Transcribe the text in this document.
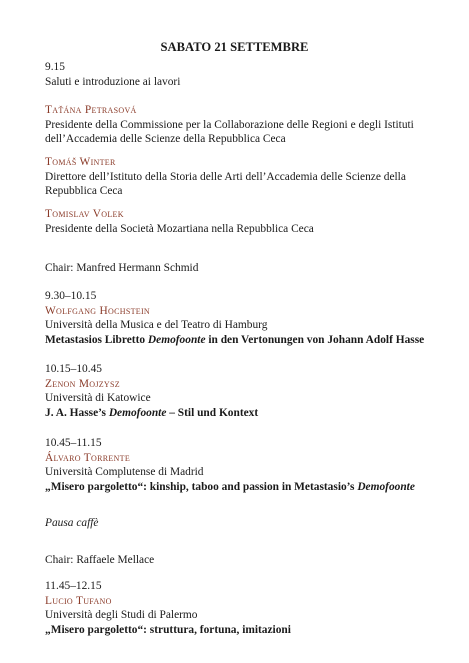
SABATO 21 SETTEMBRE
9.15
Saluti e introduzione ai lavori
Taťána Petrasová
Presidente della Commissione per la Collaborazione delle Regioni e degli Istituti
dell’Accademia delle Scienze della Repubblica Ceca
Tomáš Winter
Direttore dell’Istituto della Storia delle Arti dell’Accademia delle Scienze della
Repubblica Ceca
Tomislav Volek
Presidente della Società Mozartiana nella Repubblica Ceca
Chair: Manfred Hermann Schmid
9.30–10.15
Wolfgang Hochstein
Università della Musica e del Teatro di Hamburg
Metastasios Libretto Demofoonte in den Vertonungen von Johann Adolf Hasse
10.15–10.45
Zenon Mojzysz
Università di Katowice
J. A. Hasse’s Demofoonte – Stil und Kontext
10.45–11.15
Álvaro Torrente
Università Complutense di Madrid
„Misero pargoletto“: kinship, taboo and passion in Metastasio’s Demofoonte
Pausa caffè
Chair: Raffaele Mellace
11.45–12.15
Lucio Tufano
Università degli Studi di Palermo
„Misero pargoletto“: struttura, fortuna, imitazioni
